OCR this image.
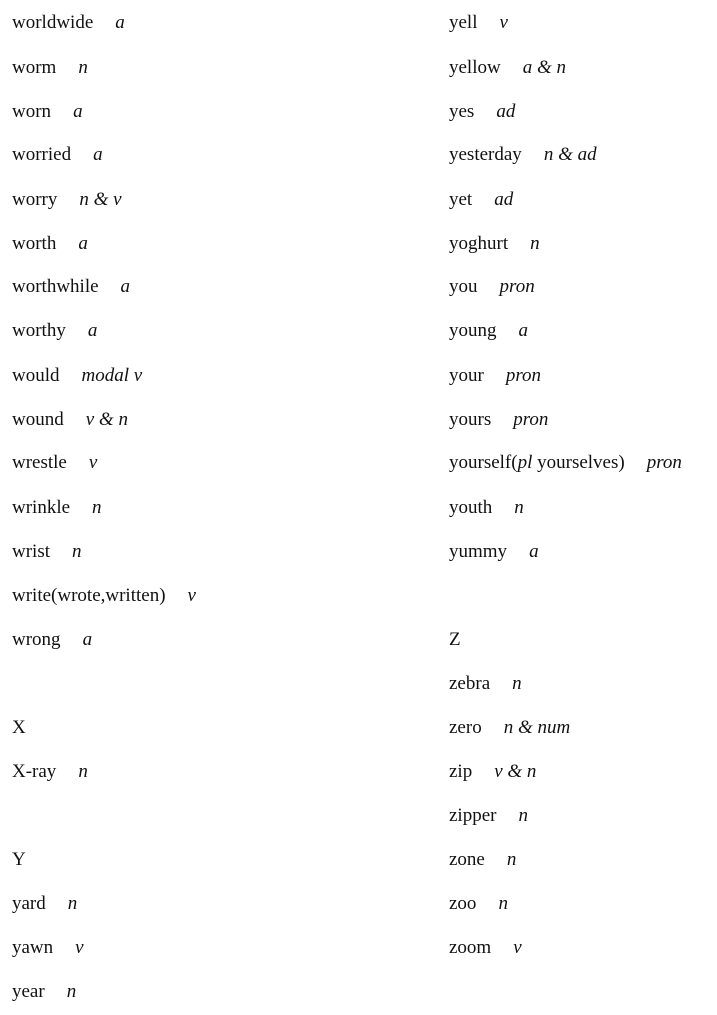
worldwide a
worm n
worn a
worried a
worry n & v
worth a
worthwhile a
worthy a
would modal v
wound v & n
wrestle v
wrinkle n
wrist n
write(wrote,written) v
wrong a
X
X-ray n
Y
yard n
yawn v
year n
yell v
yellow a & n
yes ad
yesterday n & ad
yet ad
yoghurt n
you pron
young a
your pron
yours pron
yourself(pl yourselves) pron
youth n
yummy a
Z
zebra n
zero n & num
zip v & n
zipper n
zone n
zoo n
zoom v
